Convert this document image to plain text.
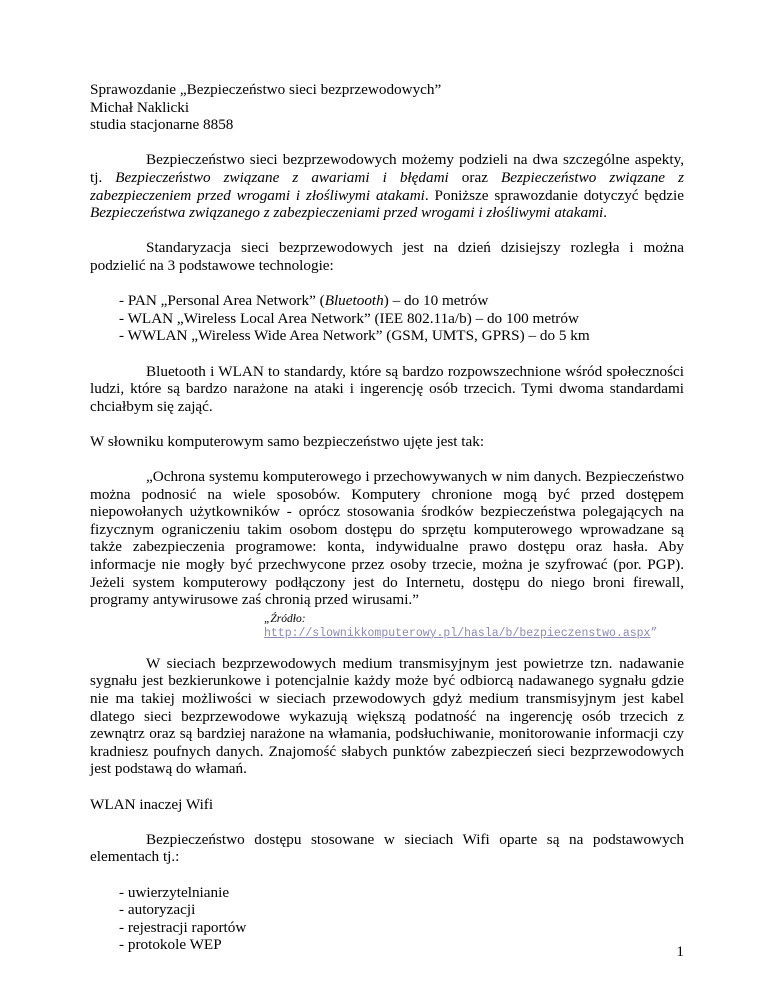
Sprawozdanie „Bezpieczeństwo sieci bezprzewodowych”
Michał Naklicki
studia stacjonarne 8858

Bezpieczeństwo sieci bezprzewodowych możemy podzieli na dwa szczególne aspekty, tj. Bezpieczeństwo związane z awariami i błędami oraz Bezpieczeństwo związane z zabezpieczeniem przed wrogami i złośliwymi atakami. Poniższe sprawozdanie dotyczyć będzie Bezpieczeństwa związanego z zabezpieczeniami przed wrogami i złośliwymi atakami.

Standaryzacja sieci bezprzewodowych jest na dzień dzisiejszy rozległa i można podzielić na 3 podstawowe technologie:

- PAN „Personal Area Network” (Bluetooth) – do 10 metrów
- WLAN „Wireless Local Area Network” (IEE 802.11a/b) – do 100 metrów
- WWLAN „Wireless Wide Area Network” (GSM, UMTS, GPRS) – do 5 km

Bluetooth i WLAN to standardy, które są bardzo rozpowszechnione wśród społeczności ludzi, które są bardzo narażone na ataki i ingerencję osób trzecich. Tymi dwoma standardami chciałbym się zająć.

W słowniku komputerowym samo bezpieczeństwo ujęte jest tak:

„Ochrona systemu komputerowego i przechowywanych w nim danych. Bezpieczeństwo można podnosić na wiele sposobów. Komputery chronione mogą być przed dostępem niepowołanych użytkowników - oprócz stosowania środków bezpieczeństwa polegających na fizycznym ograniczeniu takim osobom dostępu do sprzętu komputerowego wprowadzane są także zabezpieczenia programowe: konta, indywidualne prawo dostępu oraz hasła. Aby informacje nie mogły być przechwycone przez osoby trzecie, można je szyfrować (por. PGP). Jeżeli system komputerowy podłączony jest do Internetu, dostępu do niego broni firewall, programy antywirusowe zaś chronią przed wirusami.”

„Źródło: http://slownikkomputerowy.pl/hasla/b/bezpieczenstwo.aspx”

W sieciach bezprzewodowych medium transmisyjnym jest powietrze tzn. nadawanie sygnału jest bezkierunkowe i potencjalnie każdy może być odbiorcą nadawanego sygnału gdzie nie ma takiej możliwości w sieciach przewodowych gdyż medium transmisyjnym jest kabel dlatego sieci bezprzewodowe wykazują większą podatność na ingerencję osób trzecich z zewnątrz oraz są bardziej narażone na włamania, podsłuchiwanie, monitorowanie informacji czy kradniesz poufnych danych. Znajomość słabych punktów zabezpieczeń sieci bezprzewodowych jest podstawą do włamań.

WLAN inaczej Wifi

Bezpieczeństwo dostępu stosowane w sieciach Wifi oparte są na podstawowych elementach tj.:

- uwierzytelnianie
- autoryzacji
- rejestracji raportów
- protokole WEP	1
